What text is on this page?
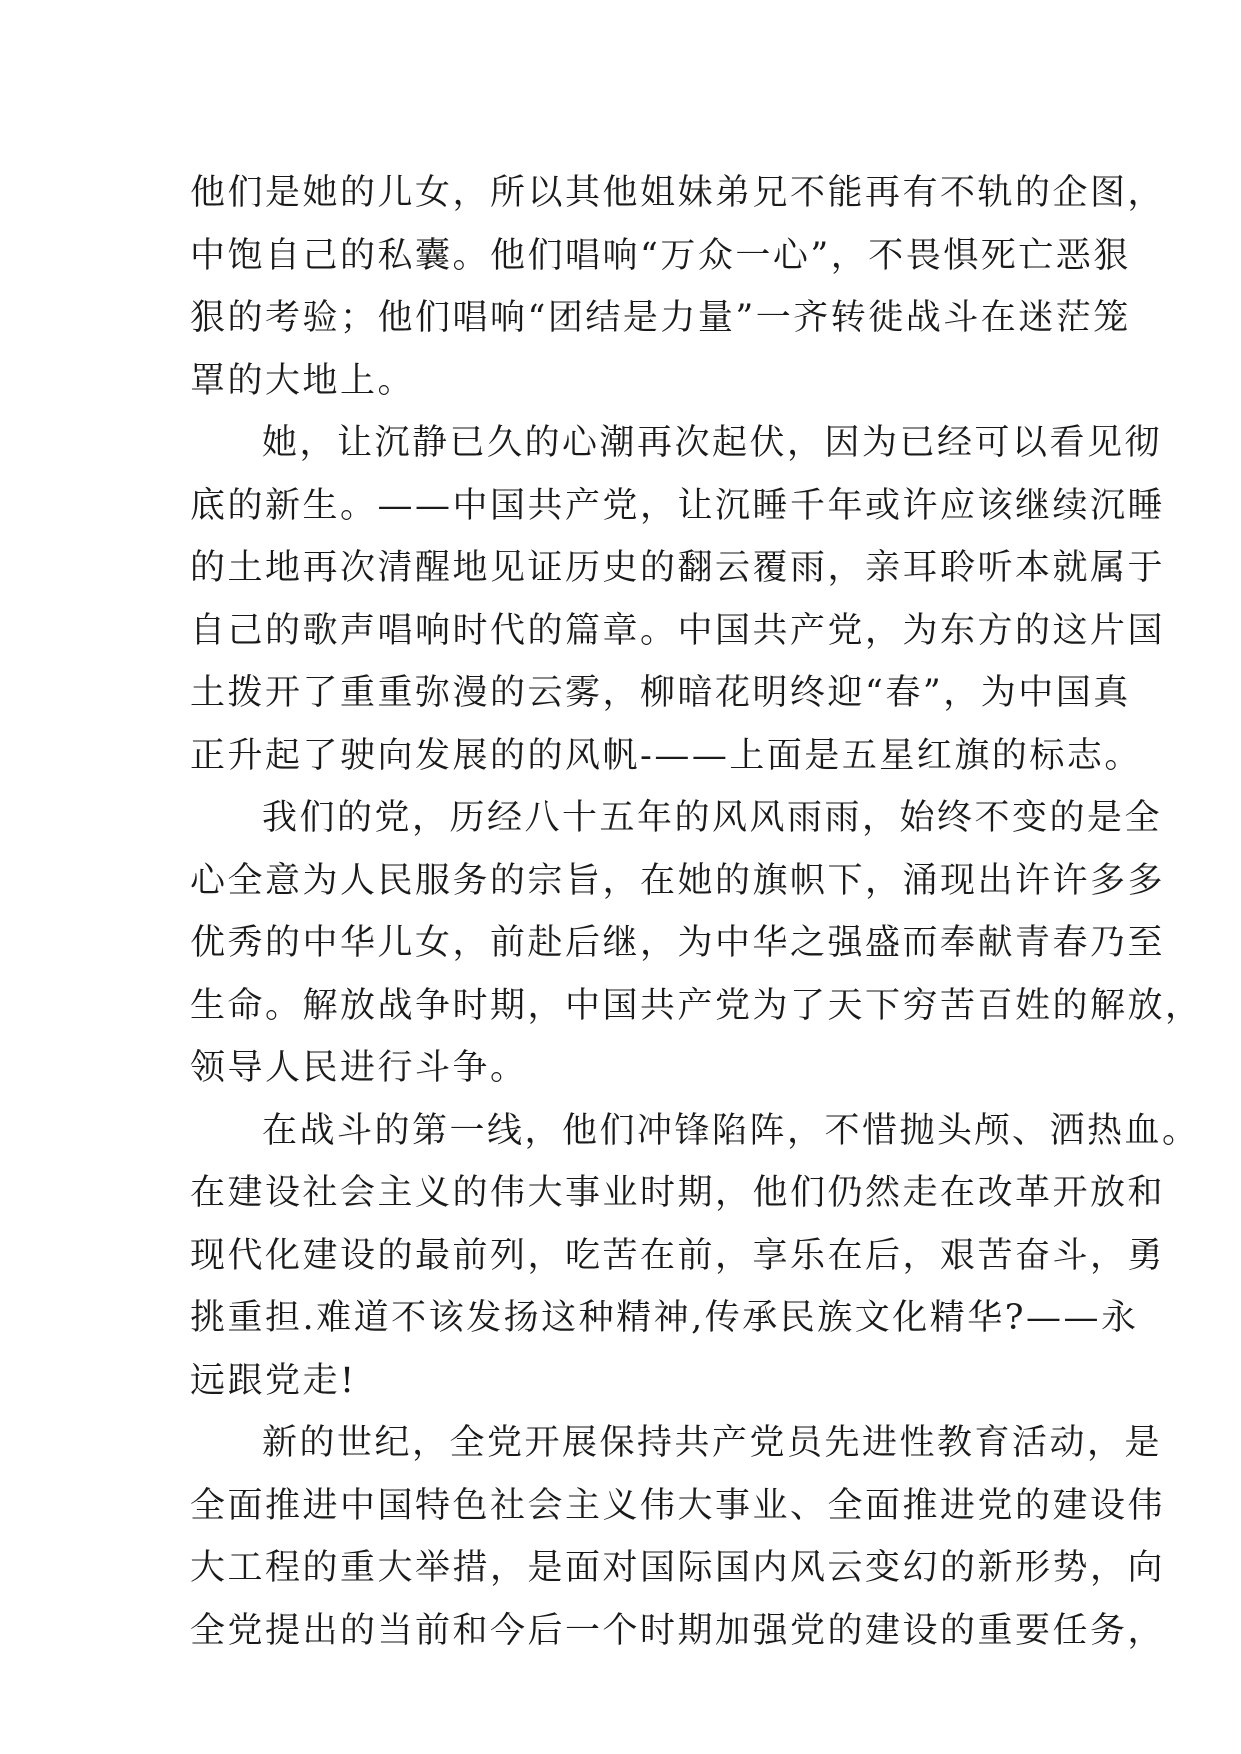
他们是她的儿女，所以其他姐妹弟兄不能再有不轨的企图，
中饱自己的私囊。他们唱响“万众一心”，不畏惧死亡恶狠
狠的考验；他们唱响“团结是力量”一齐转徙战斗在迷茫笼
罩的大地上。
她，让沉静已久的心潮再次起伏，因为已经可以看见彻
底的新生。——中国共产党，让沉睡千年或许应该继续沉睡
的土地再次清醒地见证历史的翻云覆雨，亲耳聆听本就属于
自己的歌声唱响时代的篇章。中国共产党，为东方的这片国
土拨开了重重弥漫的云雾，柳暗花明终迎“春”，为中国真
正升起了驶向发展的的风帆-——上面是五星红旗的标志。
我们的党，历经八十五年的风风雨雨，始终不变的是全
心全意为人民服务的宗旨，在她的旗帜下，涌现出许许多多
优秀的中华儿女，前赴后继，为中华之强盛而奉献青春乃至
生命。解放战争时期，中国共产党为了天下穷苦百姓的解放，
领导人民进行斗争。
在战斗的第一线，他们冲锋陷阵，不惜抛头颅、洒热血。
在建设社会主义的伟大事业时期，他们仍然走在改革开放和
现代化建设的最前列，吃苦在前，享乐在后，艰苦奋斗，勇
挑重担.难道不该发扬这种精神,传承民族文化精华?——永
远跟党走!
新的世纪，全党开展保持共产党员先进性教育活动，是
全面推进中国特色社会主义伟大事业、全面推进党的建设伟
大工程的重大举措，是面对国际国内风云变幻的新形势，向
全党提出的当前和今后一个时期加强党的建设的重要任务，
